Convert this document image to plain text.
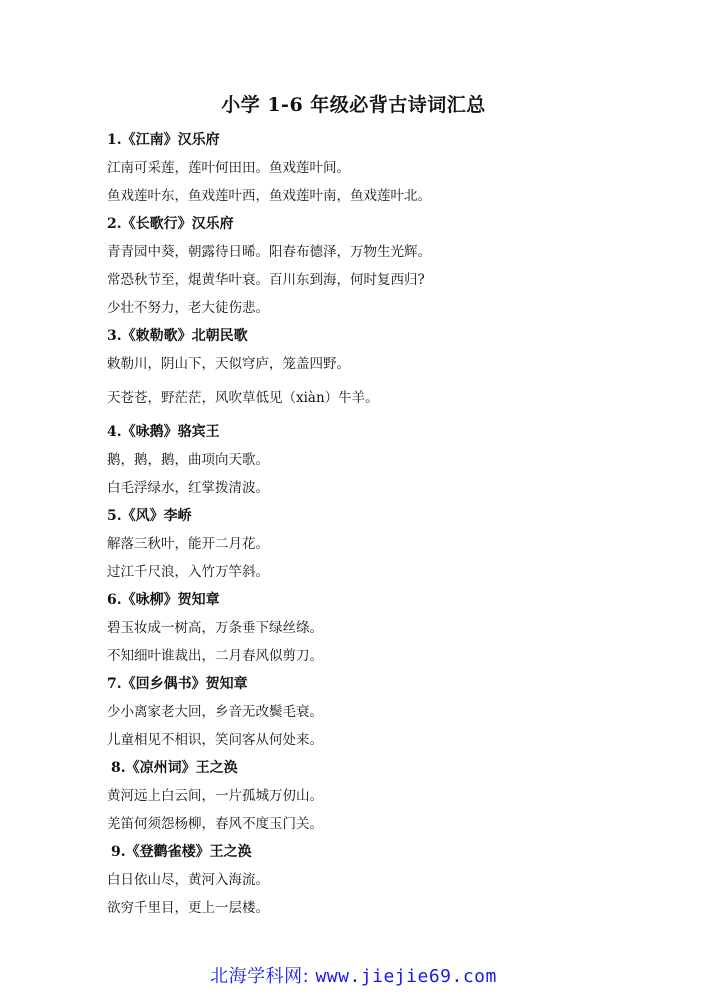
小学 1-6 年级必背古诗词汇总
1.《江南》汉乐府
江南可采莲，莲叶何田田。鱼戏莲叶间。
鱼戏莲叶东，鱼戏莲叶西，鱼戏莲叶南，鱼戏莲叶北。
2.《长歌行》汉乐府
青青园中葵，朝露待日晞。阳春布德泽，万物生光辉。
常恐秋节至，焜黄华叶衰。百川东到海，何时复西归?
少壮不努力，老大徒伤悲。
3.《敕勒歌》北朝民歌
敕勒川，阴山下，天似穹庐，笼盖四野。
天苍苍，野茫茫，风吹草低见（xiàn）牛羊。
4.《咏鹅》骆宾王
鹅，鹅，鹅，曲项向天歌。
白毛浮绿水，红掌拨清波。
5.《风》李峤
解落三秋叶，能开二月花。
过江千尺浪，入竹万竿斜。
6.《咏柳》贺知章
碧玉妆成一树高，万条垂下绿丝绦。
不知细叶谁裁出，二月春风似剪刀。
7.《回乡偶书》贺知章
少小离家老大回，乡音无改鬓毛衰。
儿童相见不相识，笑问客从何处来。
8.《凉州词》王之涣
黄河远上白云间，一片孤城万仞山。
羌笛何须怨杨柳，春风不度玉门关。
9.《登鹳雀楼》王之涣
白日依山尽，黄河入海流。
欲穷千里目，更上一层楼。
北海学科网: www.jiejie69.com
